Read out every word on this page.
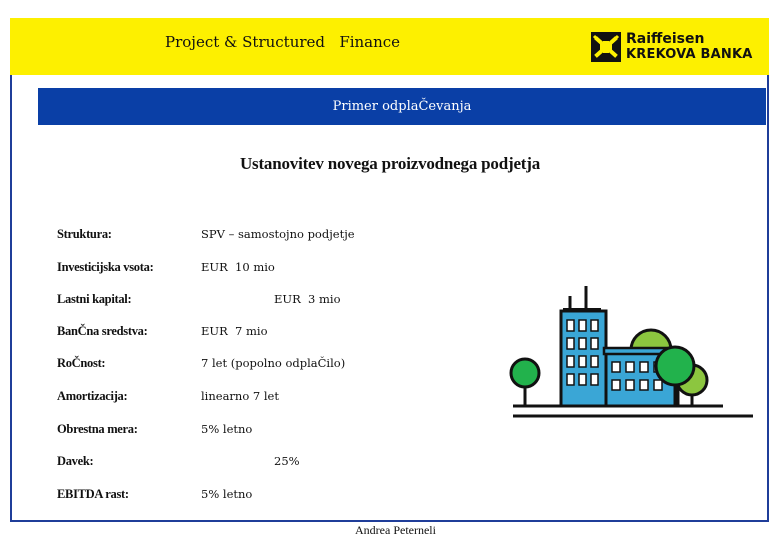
Project & Structured   Finance	Raiffeisen
KREKOVA BANKA
Primer odplaČevanja
Ustanovitev novega proizvodnega podjetja
Struktura:	SPV – samostojno podjetje
Investicijska vsota:	EUR  10 mio
Lastni kapital:	EUR  3 mio
BanČna sredstva:	EUR  7 mio
RoČnost:	7 let (popolno odplaČilo)
Amortizacija:	linearno 7 let
Obrestna mera:	5% letno
Davek:	25%
EBITDA rast:	5% letno
Andrea Peterneli
